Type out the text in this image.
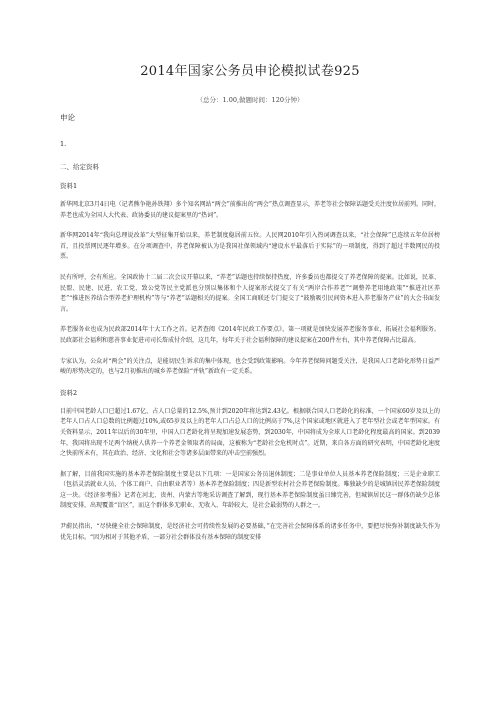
2014年国家公务员申论模拟试卷925
（总分：1.00,做题时间：120分钟）
申论
1.
二、给定资料
资料1

新华网北京3月4日电（记者熊争艳孙铁翔）多个知名网站“两会”前推出的“两会”热点调查显示，养老等社会保障话题受关注度位居前列。同时，养老也成为全国人大代表、政协委员的建议提案里的“热词”。

新华网2014年“我向总理说改革”大型征集开始以来，养老制度稳居前五位。人民网2010年引入热词调查以来，“社会保障”已连续五年位居榜首，且投票网民逐年增多。在分项调查中，养老保障被认为是我国社保领域内“建设水平最落后于实际”的一项制度，得到了超过半数网民的投票。

民有所呼，会有所应。全国政协十二届二次会议开幕以来，“养老”话题也持续保持热度，许多委员也都提交了养老保障的提案。比如说，民革、民盟、民建、民进、农工党、致公党等民主党派也分别以集体和个人提案形式提交了有关“两岸合作养老”“调整养老用地政策”“推进社区养老”“推进医养结合型养老护理机构”等与“养老”话题相关的提案。全国工商联还专门提交了“鼓励吸引民间资本进入养老服务产业”的大会书面发言。

养老服务业也成为民政部2014年十大工作之首。记者查阅《2014年民政工作要点》，第一项就是加快发展养老服务事业，拓展社会福利服务。民政部社会福利和慈善事业促进司司长詹成付介绍，这几年，每年关于社会福利保障的建议提案在200件左右，其中养老保障占比最高。

专家认为，公众对“两会”的关注点，是能切民生诉求的集中体现，也会受到政策影响。今年养老保障问题受关注，是我国人口老龄化形势日益严峻的形势决定的，也与2月初推出的城乡养老保险“并轨”新政有一定关系。

资料2

目前中国老龄人口已超过1.67亿，占人口总量的12.5%,预计到2020年将达到2.43亿。根据联合国人口老龄化的标准，一个国家60岁及以上的老年人口占人口总数的比例超过10%,或65岁及以上的老年人口占总人口的比例高于7%,这个国家或地区就进入了老年型社会或老年型国家。有关资料显示，2011年以后的30年里，中国人口老龄化将呈现加速发展态势，到2030年，中国将成为全球人口老龄化程度最高的国家。到2039年，我国将出现不足两个纳税人供养一个养老金领取者的局面，这被称为“老龄社会危机时点”。近期，来自各方面的研究表明，中国老龄化速度之快前所未有，其在政治、经济、文化和社会等诸多层面带来的冲击空前强烈。

据了解，目前我国实施的基本养老保险制度主要是以下几项：一是国家公务员退休制度；二是事业单位人员基本养老保险制度；三是企业职工（包括灵活就业人员、个体工商户、自由职业者等）基本养老保险制度；四是新型农村社会养老保险制度。唯独缺少的是城镇居民养老保险制度这一块。《经济参考报》记者在河北、贵州、内蒙古等地采访调查了解到，现行基本养老保险制度虽日臻完善，但城镇居民这一群体仍缺少总体制度安排，出现覆盖“盲区”，而这个群体多无职业、无收入、年龄较大，是社会最弱势的人群之一。

尹蔚民指出，“尽快健全社会保障制度，是经济社会可持续性发展的必要基础，”在完善社会保障体系的诸多任务中，要把尽快弥补制度缺失作为优先目标。“因为相对于其他矛盾，一部分社会群体没有基本保障的制度安排
